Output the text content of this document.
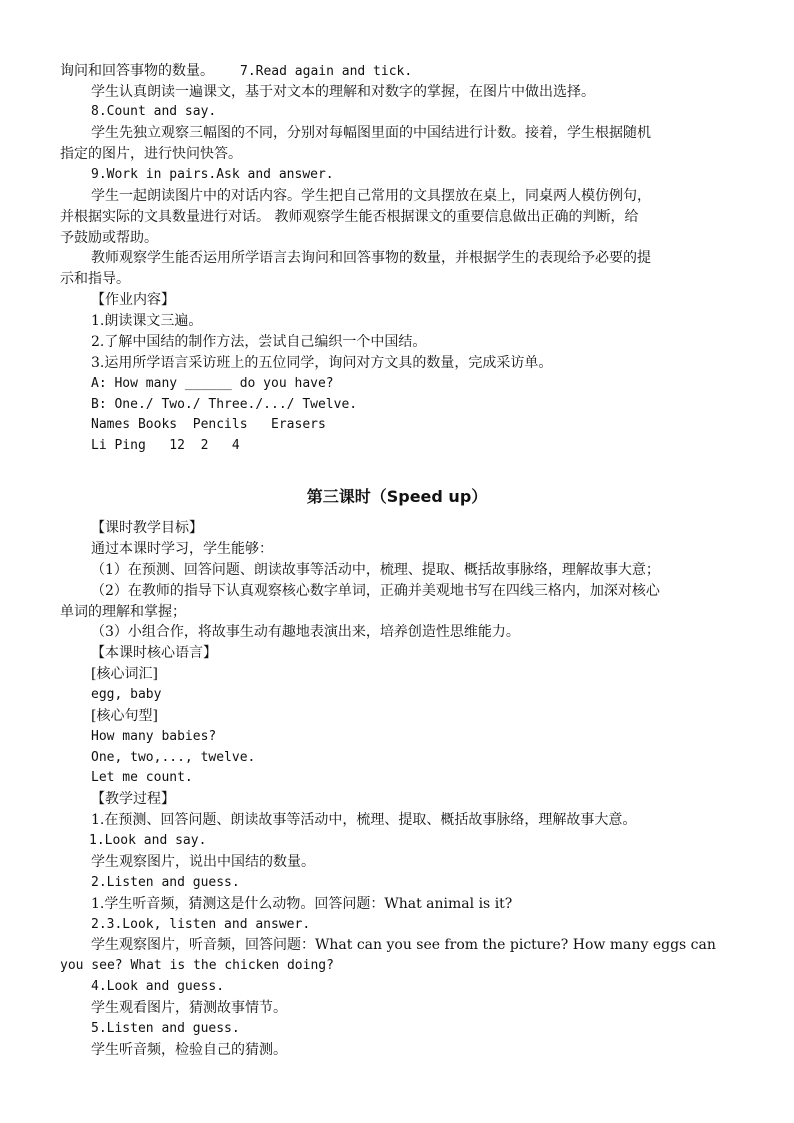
询问和回答事物的数量。 7.Read again and tick.
学生认真朗读一遍课文，基于对文本的理解和对数字的掌握，在图片中做出选择。
8.Count and say.
学生先独立观察三幅图的不同，分别对每幅图里面的中国结进行计数。接着，学生根据随机
指定的图片，进行快问快答。
9.Work in pairs.Ask and answer.
学生一起朗读图片中的对话内容。学生把自己常用的文具摆放在桌上，同桌两人模仿例句，
并根据实际的文具数量进行对话。 教师观察学生能否根据课文的重要信息做出正确的判断，给
予鼓励或帮助。
教师观察学生能否运用所学语言去询问和回答事物的数量，并根据学生的表现给予必要的提
示和指导。
【作业内容】
1.朗读课文三遍。
2.了解中国结的制作方法，尝试自己编织一个中国结。
3.运用所学语言采访班上的五位同学，询问对方文具的数量，完成采访单。
A: How many ______ do you have?
B: One./ Two./ Three./.../ Twelve.
Names Books  Pencils   Erasers
Li Ping   12  2   4
第三课时（Speed up）
【课时教学目标】
通过本课时学习，学生能够：
（1）在预测、回答问题、朗读故事等活动中，梳理、提取、概括故事脉络，理解故事大意；
（2）在教师的指导下认真观察核心数字单词，正确并美观地书写在四线三格内，加深对核心
单词的理解和掌握；
（3）小组合作，将故事生动有趣地表演出来，培养创造性思维能力。
【本课时核心语言】
[核心词汇]
egg, baby
[核心句型]
How many babies?
One, two,..., twelve.
Let me count.
【教学过程】
1.在预测、回答问题、朗读故事等活动中，梳理、提取、概括故事脉络，理解故事大意。
1.Look and say.
学生观察图片，说出中国结的数量。
2.Listen and guess.
1.学生听音频，猜测这是什么动物。回答问题：What animal is it?
2.3.Look, listen and answer.
学生观察图片，听音频，回答问题：What can you see from the picture? How many eggs can
you see? What is the chicken doing?
4.Look and guess.
学生观看图片，猜测故事情节。
5.Listen and guess.
学生听音频，检验自己的猜测。
